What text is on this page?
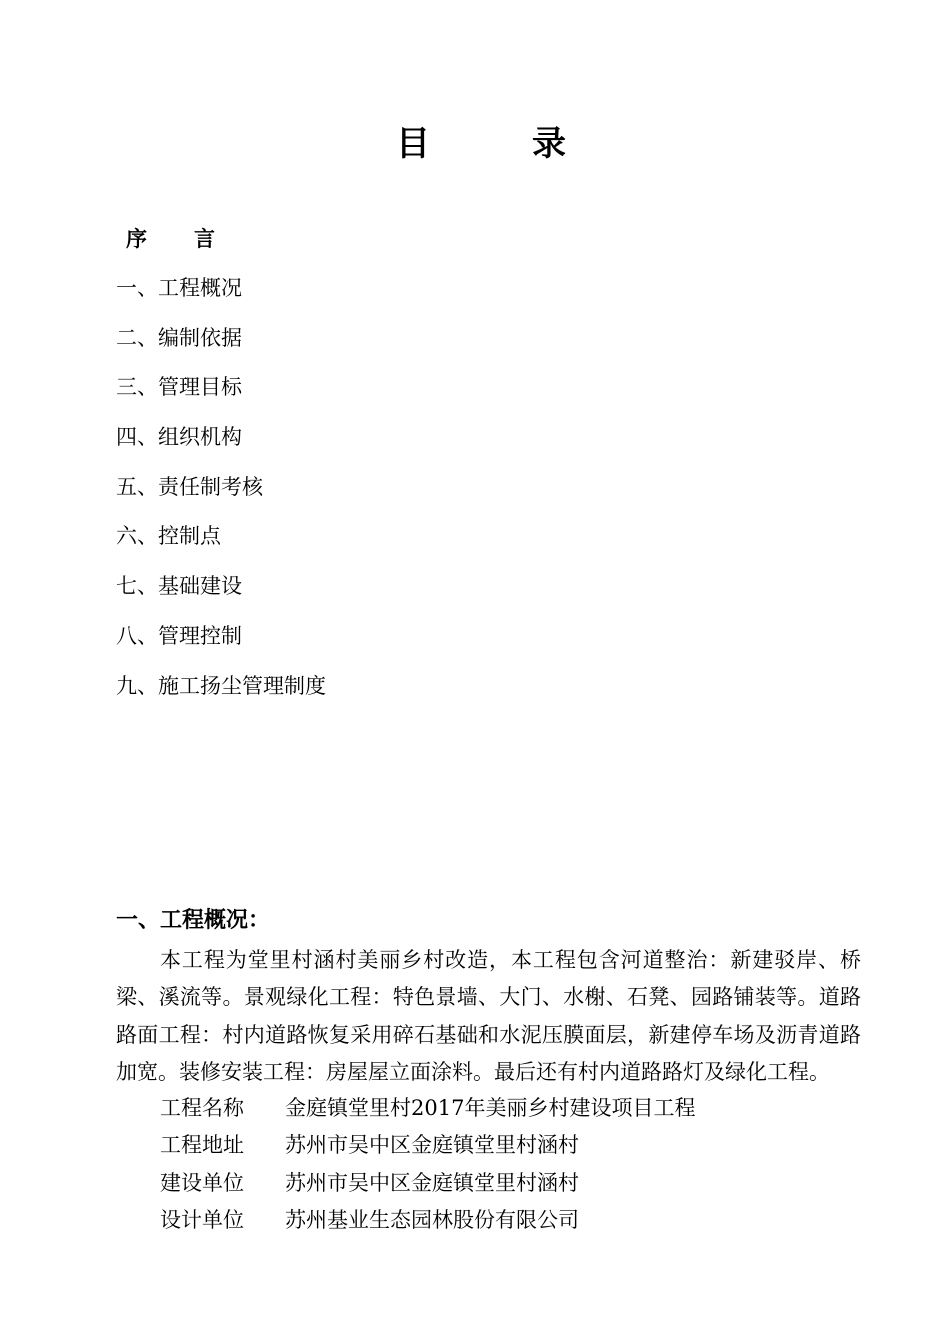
目	录
序 言
一、工程概况
二、编制依据
三、管理目标
四、组织机构
五、责任制考核
六、控制点
七、基础建设
八、管理控制
九、施工扬尘管理制度
一、工程概况：

本工程为堂里村涵村美丽乡村改造，本工程包含河道整治：新建驳岸、桥梁、溪流等。景观绿化工程：特色景墙、大门、水榭、石凳、园路铺装等。道路路面工程：村内道路恢复采用碎石基础和水泥压膜面层，新建停车场及沥青道路加宽。装修安装工程：房屋屋立面涂料。最后还有村内道路路灯及绿化工程。

工程名称	金庭镇堂里村2017年美丽乡村建设项目工程
工程地址	苏州市吴中区金庭镇堂里村涵村
建设单位	苏州市吴中区金庭镇堂里村涵村
设计单位	苏州基业生态园林股份有限公司
